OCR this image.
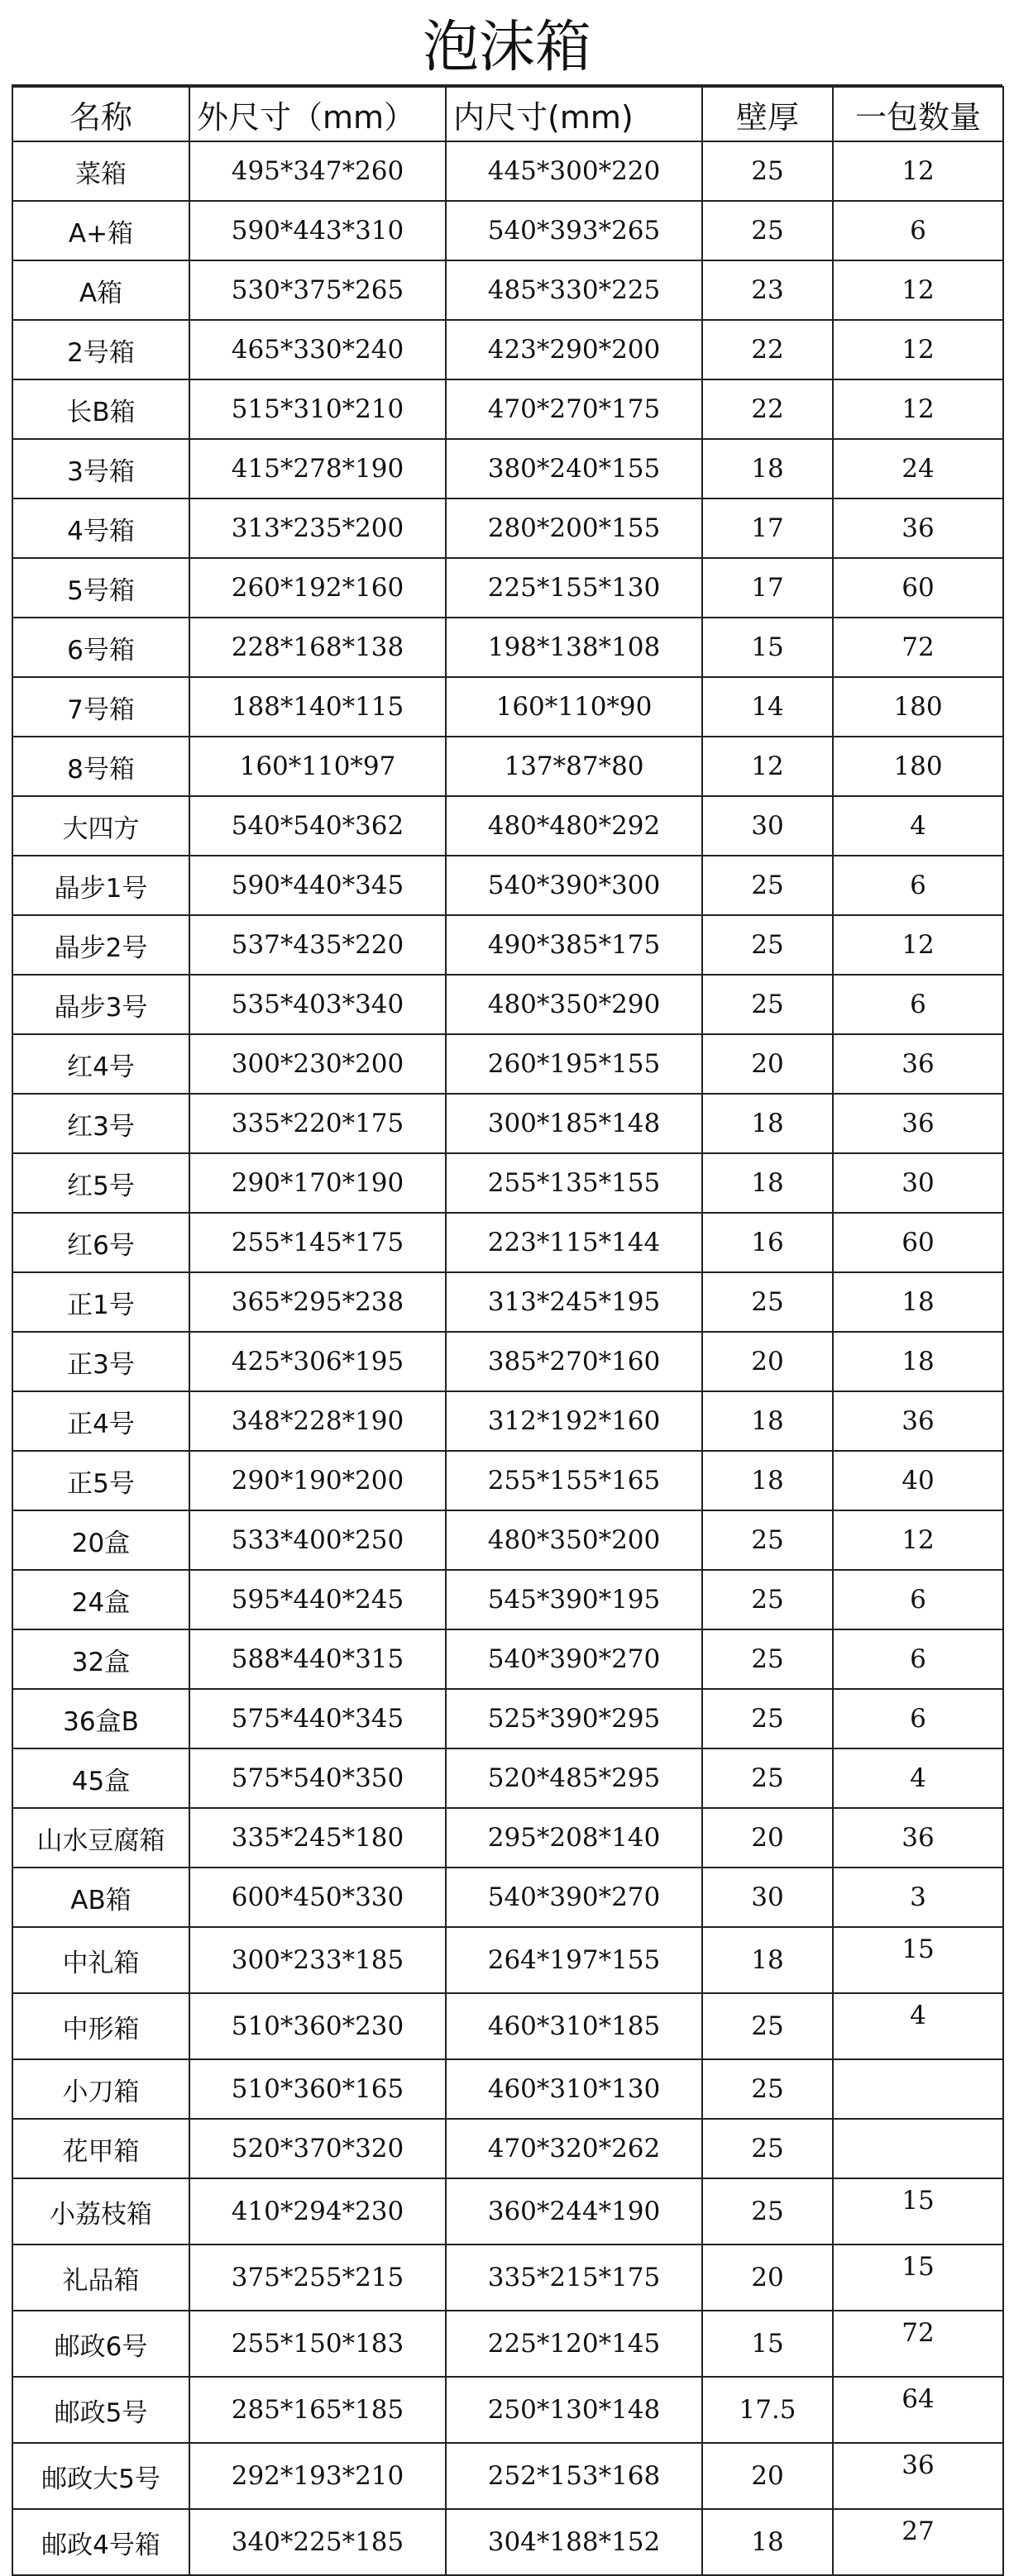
泡沫箱
名称	外尺寸（mm）	内尺寸(mm)	壁厚	一包数量
菜箱	495*347*260	445*300*220	25	12
A+箱	590*443*310	540*393*265	25	6
A箱	530*375*265	485*330*225	23	12
2号箱	465*330*240	423*290*200	22	12
长B箱	515*310*210	470*270*175	22	12
3号箱	415*278*190	380*240*155	18	24
4号箱	313*235*200	280*200*155	17	36
5号箱	260*192*160	225*155*130	17	60
6号箱	228*168*138	198*138*108	15	72
7号箱	188*140*115	160*110*90	14	180
8号箱	160*110*97	137*87*80	12	180
大四方	540*540*362	480*480*292	30	4
晶步1号	590*440*345	540*390*300	25	6
晶步2号	537*435*220	490*385*175	25	12
晶步3号	535*403*340	480*350*290	25	6
红4号	300*230*200	260*195*155	20	36
红3号	335*220*175	300*185*148	18	36
红5号	290*170*190	255*135*155	18	30
红6号	255*145*175	223*115*144	16	60
正1号	365*295*238	313*245*195	25	18
正3号	425*306*195	385*270*160	20	18
正4号	348*228*190	312*192*160	18	36
正5号	290*190*200	255*155*165	18	40
20盒	533*400*250	480*350*200	25	12
24盒	595*440*245	545*390*195	25	6
32盒	588*440*315	540*390*270	25	6
36盒B	575*440*345	525*390*295	25	6
45盒	575*540*350	520*485*295	25	4
山水豆腐箱	335*245*180	295*208*140	20	36
AB箱	600*450*330	540*390*270	30	3
中礼箱	300*233*185	264*197*155	18	15
中形箱	510*360*230	460*310*185	25	4
小刀箱	510*360*165	460*310*130	25	
花甲箱	520*370*320	470*320*262	25	
小荔枝箱	410*294*230	360*244*190	25	15
礼品箱	375*255*215	335*215*175	20	15
邮政6号	255*150*183	225*120*145	15	72
邮政5号	285*165*185	250*130*148	17.5	64
邮政大5号	292*193*210	252*153*168	20	36
邮政4号箱	340*225*185	304*188*152	18	27
